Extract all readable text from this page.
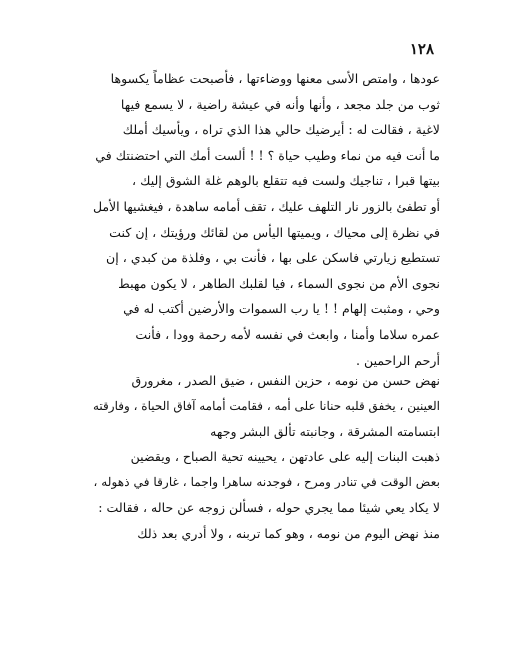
١٢٨
عودها ، وامتص الأسى معنها ووضاءتها ، فأصبحت عظاماً يكسوها
ثوب من جلد مجعد ، وأنها وأنه في عيشة راضية ، لا يسمع فيها
لاغية ، فقالت له : أيرضيك حالي هذا الذي تراه ، ويأسيك أملك
ما أنت فيه من نماء وطيب حياة ؟ ! ! ألست أمك التي احتضنتك في
بيتها قبرا ، تناجيك ولست فيه تتقلع بالوهم غلة الشوق إليك ،
أو تطفئ بالزور نار التلهف عليك ، تقف أمامه ساهدة ، فيغشيها الأمل
في نظرة إلى محياك ، ويميتها اليأس من لقائك ورؤيتك ، إن كنت
تستطيع زيارتي فاسكن على بها ، فأنت بي ، وفلذة من كبدي ، إن
نجوى الأم من نجوى السماء ، فيا لقلبك الطاهر ، لا يكون مهبط
وحي ، ومثبت إلهام ! ! يا رب السموات والأرضين أكتب له في
عمره سلاما وأمنا ، وابعث في نفسه لأمه رحمة وودا ، فأنت
أرحم الراحمين .
نهض حسن من نومه ، حزين النفس ، ضيق الصدر ، مغرورق
العينين ، يخفق قلبه حنانا على أمه ، فقامت أمامه آفاق الحياة ، وفارقته
ابتسامته المشرقة ، وجانبته تألق البشر وجهه
ذهبت البنات إليه على عادتهن ، يحيينه تحية الصباح ، ويقضين
بعض الوقت في تنادر ومرح ، فوجدنه ساهرا واجما ، غارقا في ذهوله ،
لا يكاد يعي شيئا مما يجري حوله ، فسألن زوجه عن حاله ، فقالت :
منذ نهض اليوم من نومه ، وهو كما تربنه ، ولا أدري بعد ذلك
